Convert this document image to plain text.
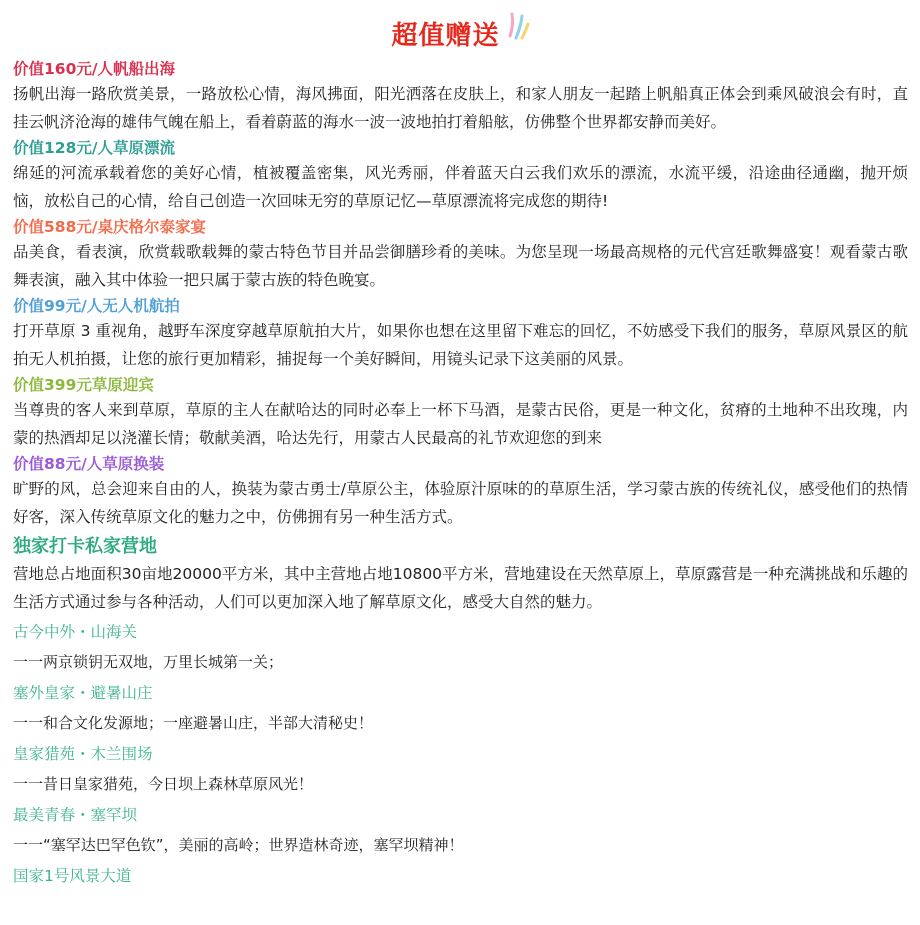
超值赠送
价值160元/人帆船出海
扬帆出海一路欣赏美景，一路放松心情，海风拂面，阳光洒落在皮肤上，和家人朋友一起踏上帆船真正体会到乘风破浪会有时，直挂云帆济沧海的雄伟气魄在船上，看着蔚蓝的海水一波一波地拍打着船舷，仿佛整个世界都安静而美好。
价值128元/人草原漂流
绵延的河流承载着您的美好心情，植被覆盖密集，风光秀丽，伴着蓝天白云我们欢乐的漂流，水流平缓，沿途曲径通幽，抛开烦恼，放松自己的心情，给自己创造一次回味无穷的草原记忆—草原漂流将完成您的期待!
价值588元/桌庆格尔泰家宴
品美食，看表演，欣赏载歌载舞的蒙古特色节目并品尝御膳珍肴的美味。为您呈现一场最高规格的元代宫廷歌舞盛宴！观看蒙古歌舞表演，融入其中体验一把只属于蒙古族的特色晚宴。
价值99元/人无人机航拍
打开草原 3 重视角，越野车深度穿越草原航拍大片，如果你也想在这里留下难忘的回忆，不妨感受下我们的服务，草原风景区的航拍无人机拍摄，让您的旅行更加精彩，捕捉每一个美好瞬间，用镜头记录下这美丽的风景。
价值399元草原迎宾
当尊贵的客人来到草原，草原的主人在献哈达的同时必奉上一杯下马酒，是蒙古民俗，更是一种文化，贫瘠的土地种不出玫瑰，内蒙的热酒却足以浇灌长情；敬献美酒，哈达先行，用蒙古人民最高的礼节欢迎您的到来
价值88元/人草原换装
旷野的风，总会迎来自由的人，换装为蒙古勇士/草原公主，体验原汁原味的的草原生活，学习蒙古族的传统礼仪，感受他们的热情好客，深入传统草原文化的魅力之中，仿佛拥有另一种生活方式。
独家打卡私家营地
营地总占地面积30亩地20000平方米，其中主营地占地10800平方米，营地建设在天然草原上，草原露营是一种充满挑战和乐趣的生活方式通过参与各种活动，人们可以更加深入地了解草原文化，感受大自然的魅力。
古今中外・山海关
一一两京锁钥无双地，万里长城第一关；
塞外皇家・避暑山庄
一一和合文化发源地；一座避暑山庄，半部大清秘史！
皇家猎苑・木兰围场
一一昔日皇家猎苑，今日坝上森林草原风光！
最美青春・塞罕坝
一一“塞罕达巴罕色钦”，美丽的高岭；世界造林奇迹，塞罕坝精神！
国家1号风景大道
